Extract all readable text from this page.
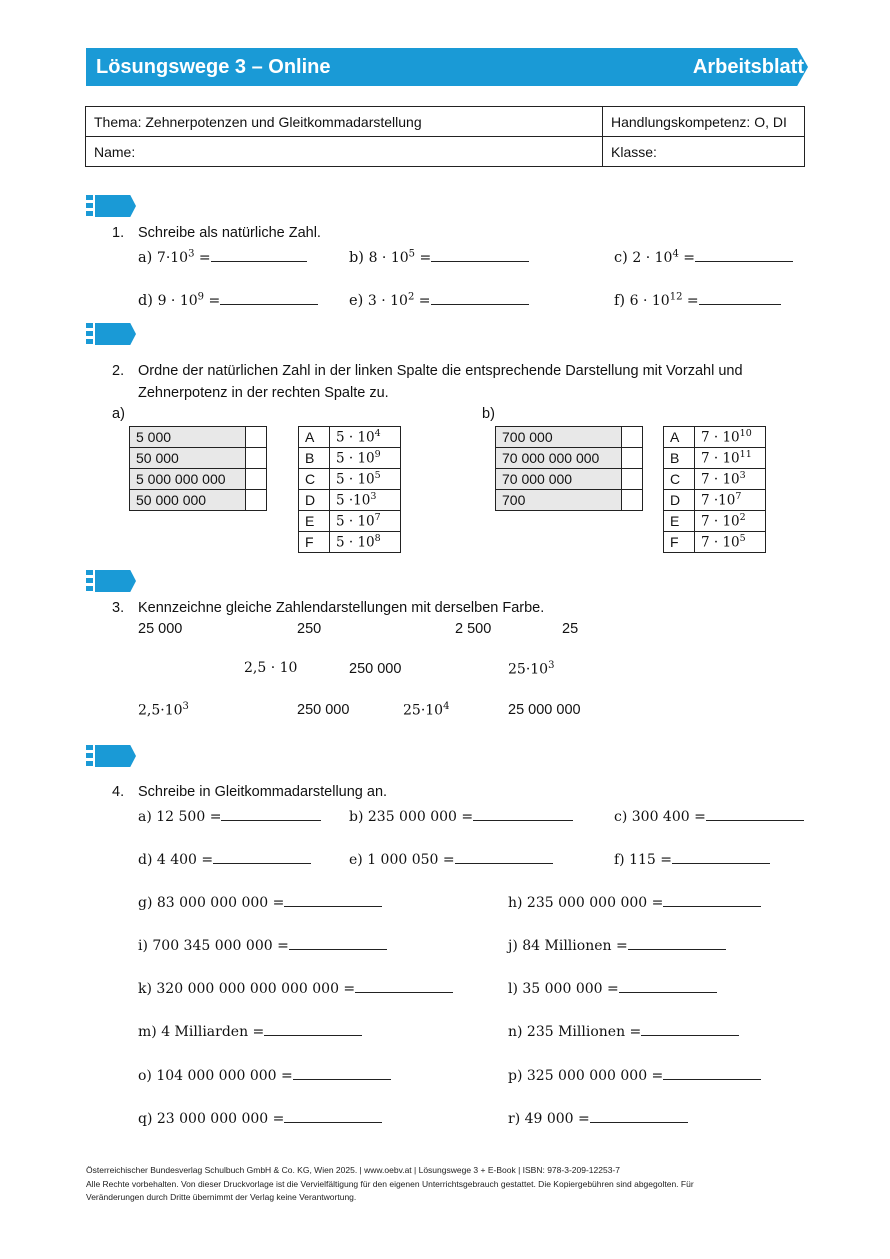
Lösungswege 3 – Online	Arbeitsblatt
Thema: Zehnerpotenzen und Gleitkommadarstellung	Handlungskompetenz: O, DI
Name:	Klasse:
1. Schreibe als natürliche Zahl.
a) $7\cdot 10^3$ =	b) $8 \cdot 10^5$ =	c) $2 \cdot 10^4$ =
d) $9 \cdot 10^9$ =	e) $3 \cdot 10^2$ =	f) $6 \cdot 10^{12}$ =
2. Ordne der natürlichen Zahl in der linken Spalte die entsprechende Darstellung mit Vorzahl und
Zehnerpotenz in der rechten Spalte zu.
a)	b)
5 000	
50 000	
5 000 000 000	
50 000 000	
A	$5 \cdot 10^4$
B	$5 \cdot 10^9$
C	$5 \cdot 10^5$
D	$5 \cdot 10^3$
E	$5 \cdot 10^7$
F	$5 \cdot 10^8$
700 000	
70 000 000 000	
70 000 000	
700	
A	$7 \cdot 10^{10}$
B	$7 \cdot 10^{11}$
C	$7 \cdot 10^3$
D	$7 \cdot 10^7$
E	$7 \cdot 10^2$
F	$7 \cdot 10^5$
3. Kennzeichne gleiche Zahlendarstellungen mit derselben Farbe.
25 000	250	2 500	25
2,5 · 10	250 000	$25\cdot 10^3$
$2,5\cdot 10^3$	250 000	$25\cdot 10^4$	25 000 000
4. Schreibe in Gleitkommadarstellung an.
a) 12 500 =	b) 235 000 000 =	c) 300 400 =
d) 4 400 =	e) 1 000 050 =	f) 115 =
g) 83 000 000 000 =	h) 235 000 000 000 =
i) 700 345 000 000 =	j) 84 Millionen =
k) 320 000 000 000 000 000 =	l) 35 000 000 =
m) 4 Milliarden =	n) 235 Millionen =
o) 104 000 000 000 =	p) 325 000 000 000 =
q) 23 000 000 000 =	r) 49 000 =
Österreichischer Bundesverlag Schulbuch GmbH & Co. KG, Wien 2025. | www.oebv.at | Lösungswege 3 + E-Book | ISBN: 978-3-209-12253-7
Alle Rechte vorbehalten. Von dieser Druckvorlage ist die Vervielfältigung für den eigenen Unterrichtsgebrauch gestattet. Die Kopiergebühren sind abgegolten. Für
Veränderungen durch Dritte übernimmt der Verlag keine Verantwortung.
